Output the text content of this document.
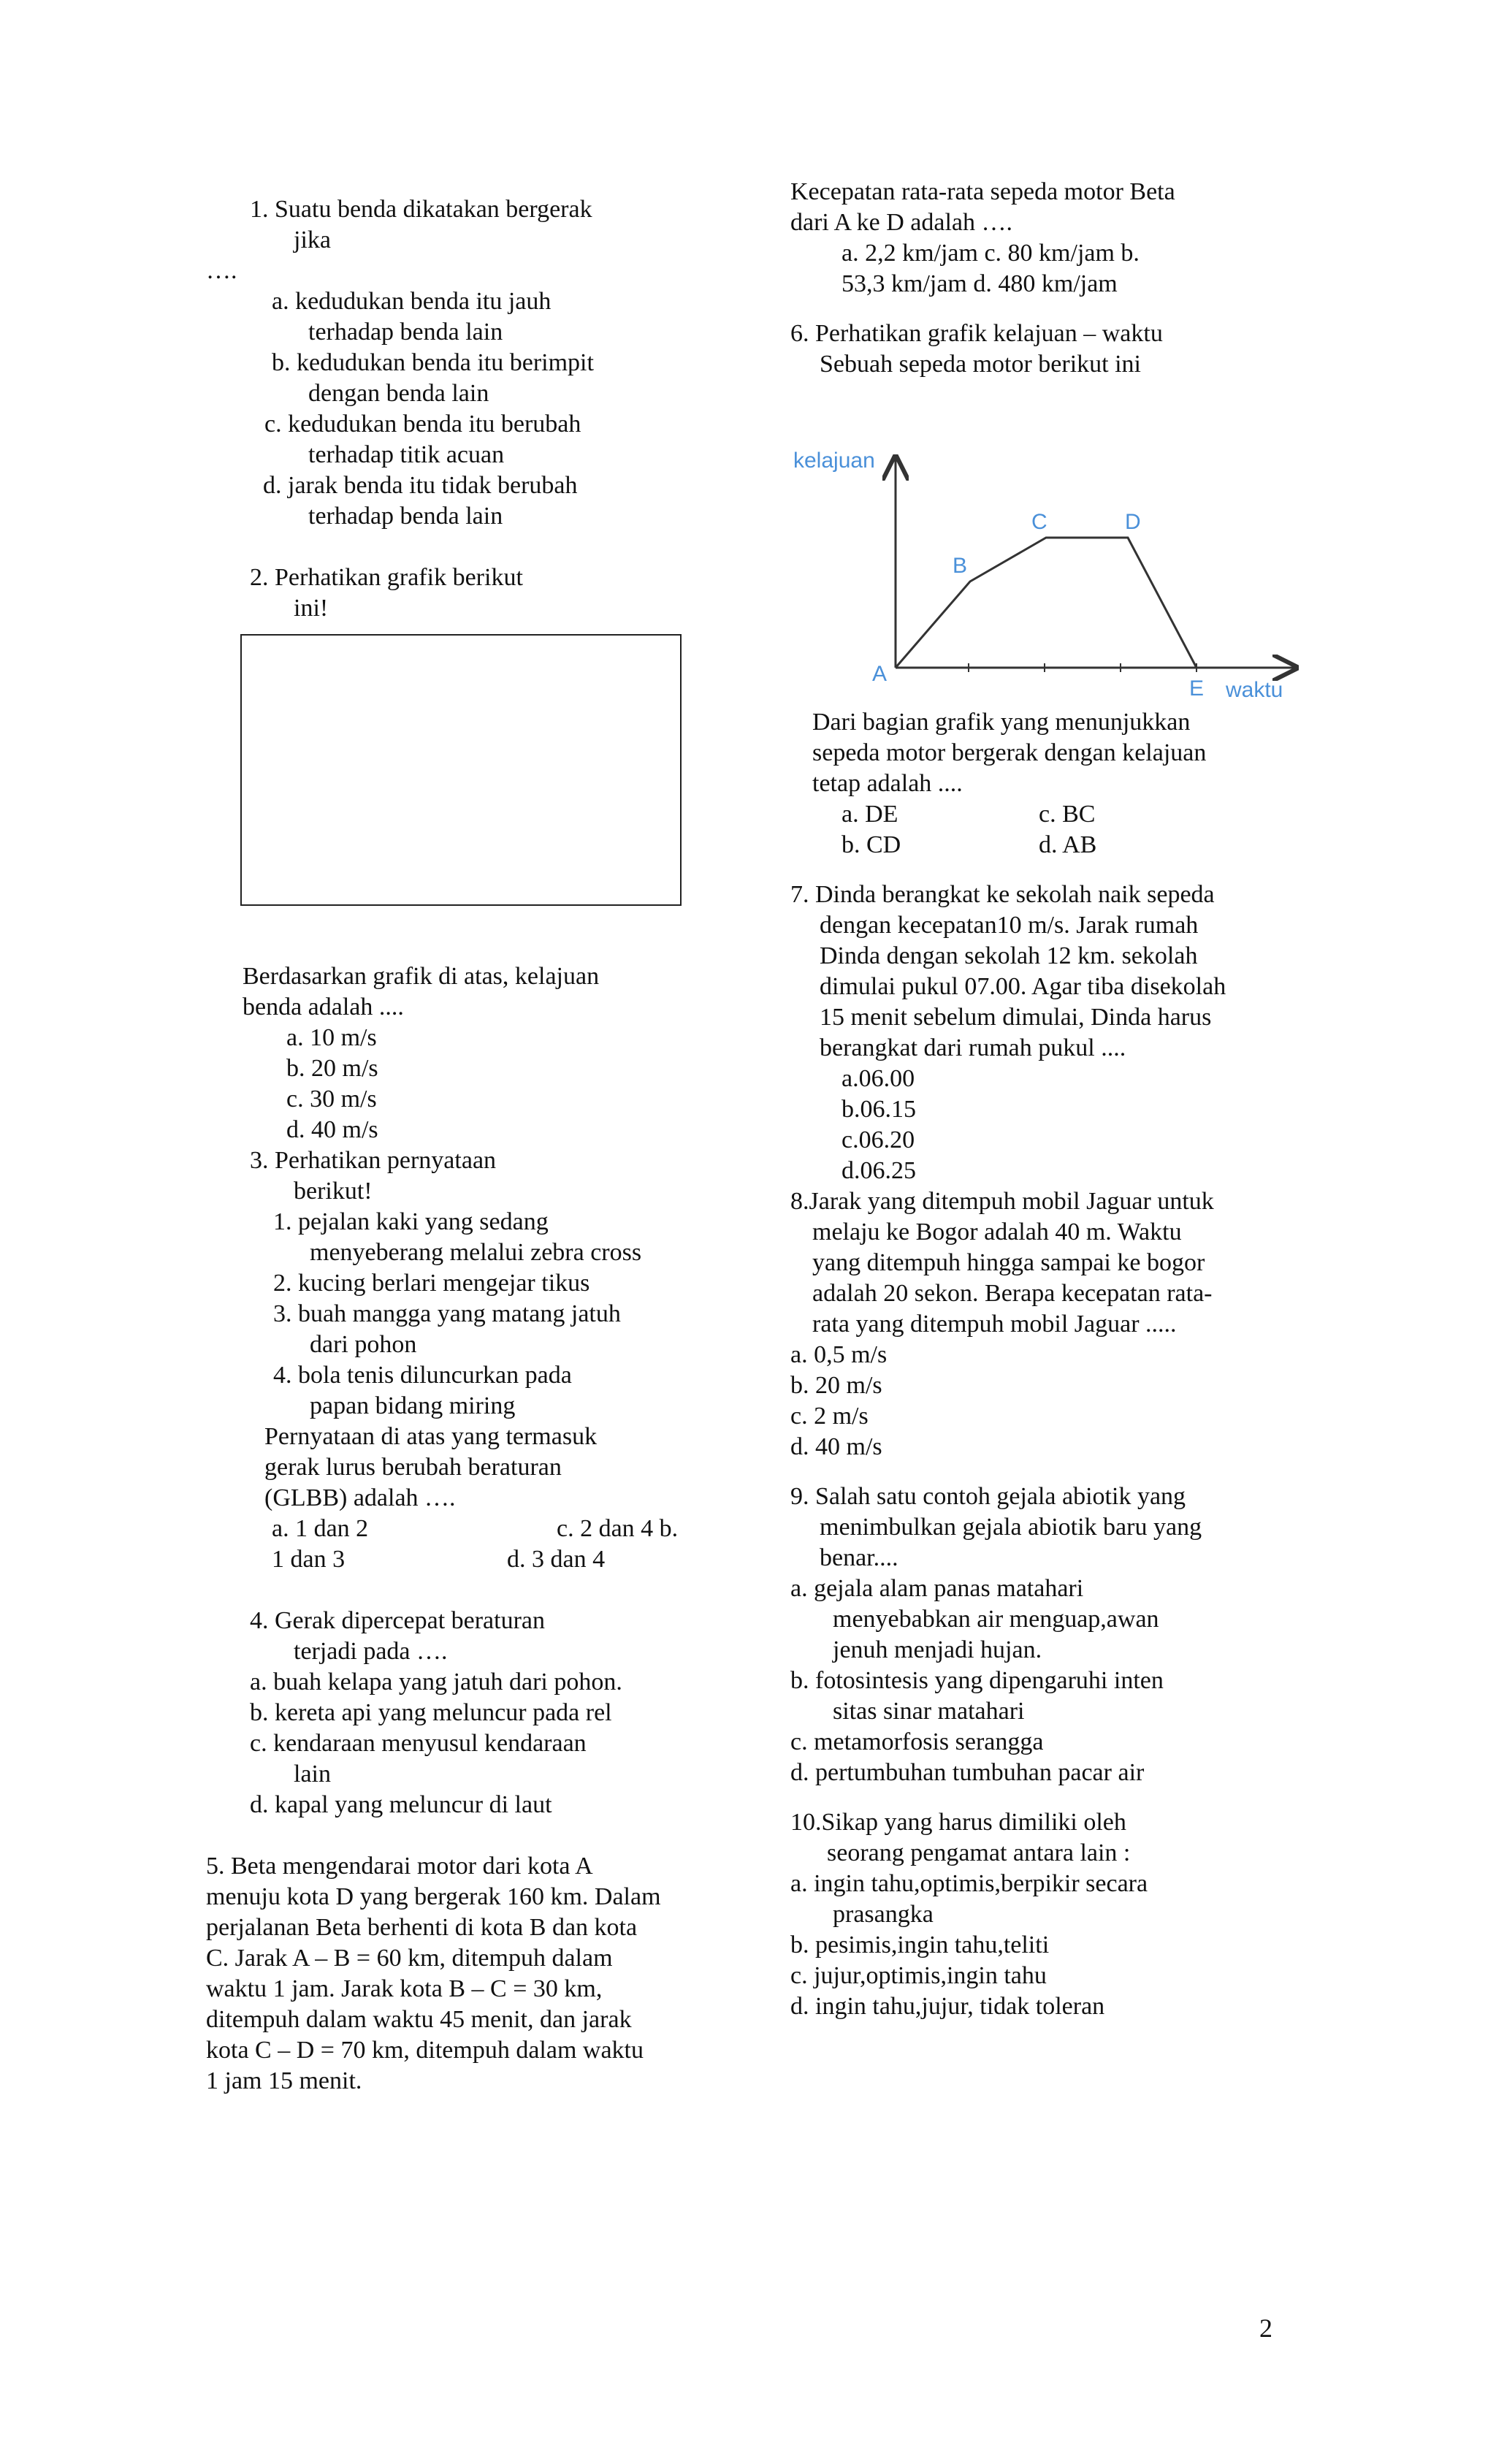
1. Suatu benda dikatakan bergerak
jika
….
a. kedudukan benda itu jauh
terhadap benda lain
b. kedudukan benda itu berimpit
dengan benda lain
c. kedudukan benda itu berubah
terhadap titik acuan
d. jarak benda itu tidak berubah
terhadap benda lain
2. Perhatikan grafik berikut
ini!
Berdasarkan grafik di atas, kelajuan
benda adalah ....
a. 10 m/s
b. 20 m/s
c. 30 m/s
d. 40 m/s
3. Perhatikan pernyataan
berikut!
1. pejalan kaki yang sedang
menyeberang melalui zebra cross
2. kucing berlari mengejar tikus
3. buah mangga yang matang jatuh
dari pohon
4. bola tenis diluncurkan pada
papan bidang miring
Pernyataan di atas yang termasuk
gerak lurus berubah beraturan
(GLBB) adalah ….
a. 1 dan 2	c. 2 dan 4 b.
1 dan 3	d. 3 dan 4
4. Gerak dipercepat beraturan
terjadi pada ….
a. buah kelapa yang jatuh dari pohon.
b. kereta api yang meluncur pada rel
c. kendaraan menyusul kendaraan
lain
d. kapal yang meluncur di laut
5. Beta mengendarai motor dari kota A
menuju kota D yang bergerak 160 km. Dalam
perjalanan Beta berhenti di kota B dan kota
C. Jarak A – B = 60 km, ditempuh dalam
waktu 1 jam. Jarak kota B – C = 30 km,
ditempuh dalam waktu 45 menit, dan jarak
kota C – D = 70 km, ditempuh dalam waktu
1 jam 15 menit.
Kecepatan rata-rata sepeda motor Beta
dari A ke D adalah ….
a. 2,2 km/jam c. 80 km/jam b.
53,3 km/jam d. 480 km/jam
6. Perhatikan grafik kelajuan – waktu
Sebuah sepeda motor berikut ini
Dari bagian grafik yang menunjukkan
sepeda motor bergerak dengan kelajuan
tetap adalah ....
a. DE	c. BC
b. CD	d. AB
7. Dinda berangkat ke sekolah naik sepeda
dengan kecepatan10 m/s. Jarak rumah
Dinda dengan sekolah 12 km. sekolah
dimulai pukul 07.00. Agar tiba disekolah
15 menit sebelum dimulai, Dinda harus
berangkat dari rumah pukul ....
a.06.00
b.06.15
c.06.20
d.06.25
8.Jarak yang ditempuh mobil Jaguar untuk
melaju ke Bogor adalah 40 m. Waktu
yang ditempuh hingga sampai ke bogor
adalah 20 sekon. Berapa kecepatan rata-
rata yang ditempuh mobil Jaguar .....
a. 0,5 m/s
b. 20 m/s
c. 2 m/s
d. 40 m/s
9. Salah satu contoh gejala abiotik yang
menimbulkan gejala abiotik baru yang
benar....
a. gejala alam panas matahari
menyebabkan air menguap,awan
jenuh menjadi hujan.
b. fotosintesis yang dipengaruhi inten
sitas sinar matahari
c. metamorfosis serangga
d. pertumbuhan tumbuhan pacar air
10.Sikap yang harus dimiliki oleh
seorang pengamat antara lain :
a. ingin tahu,optimis,berpikir secara
prasangka
b. pesimis,ingin tahu,teliti
c. jujur,optimis,ingin tahu
d. ingin tahu,jujur, tidak toleran
kelajuan
waktu
A
B
C	D
E
2
